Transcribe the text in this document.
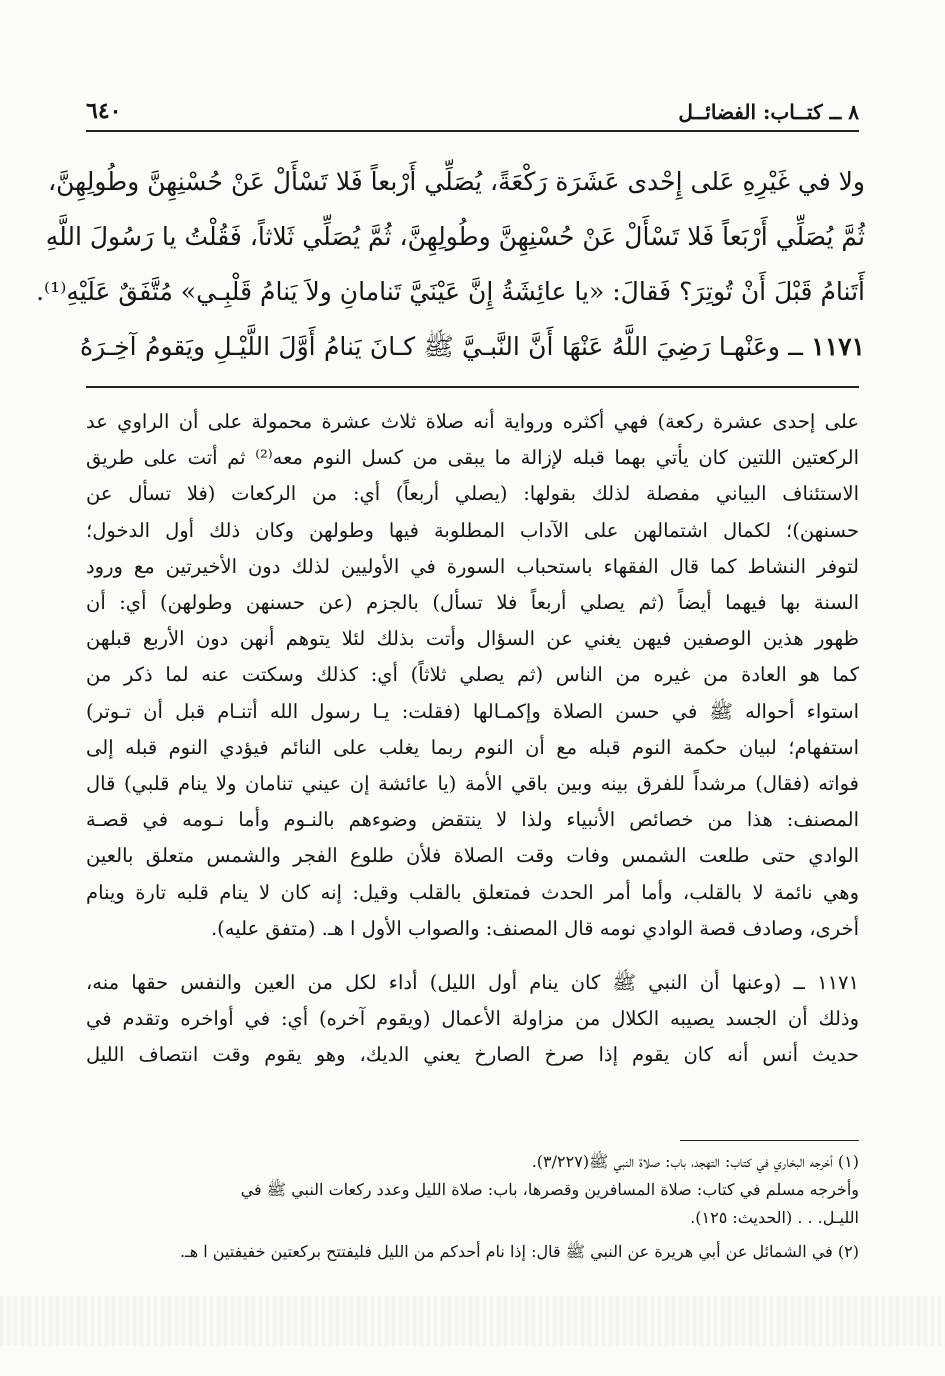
٨ ــ كتــاب: الفضائــل
٦٤٠
ولا في غَيْرِهِ عَلى إِحْدى عَشَرَة رَكْعَةً، يُصَلِّي أَرْبعاً فَلا تَسْأَلْ عَنْ حُسْنِهِنَّ وطُولِهِنَّ،
ثُمَّ يُصَلِّي أَرْبَعاً فَلا تَسْأَلْ عَنْ حُسْنِهِنَّ وطُولِهِنَّ، ثُمَّ يُصَلِّي ثَلاثاً، فَقُلْتُ يا رَسُولَ اللَّهِ
أَتَنامُ قَبْلَ أَنْ تُوتِرَ؟ فَقالَ: «يا عائِشَةُ إِنَّ عَيْنَيَّ تَنامانِ ولاَ يَنامُ قَلْبِـي» مُتَّفَقٌ عَلَيْهِ⁽¹⁾.
١١٧١ ــ وعَنْهـا رَضِيَ اللَّهُ عَنْهَا أَنَّ النَّبـيَّ ﷺ كـانَ يَنامُ أَوَّلَ اللَّيْـلِ ويَقومُ آخِـرَهُ
على إحدى عشرة ركعة) فهي أكثره ورواية أنه صلاة ثلاث عشرة محمولة على أن الراوي عد
الركعتين اللتين كان يأتي بهما قبله لإزالة ما يبقى من كسل النوم معه⁽²⁾ ثم أتت على طريق
الاستئناف البياني مفصلة لذلك بقولها: (يصلي أربعاً) أي: من الركعات (فلا تسأل عن
حسنهن)؛ لكمال اشتمالهن على الآداب المطلوبة فيها وطولهن وكان ذلك أول الدخول؛
لتوفر النشاط كما قال الفقهاء باستحباب السورة في الأوليين لذلك دون الأخيرتين مع ورود
السنة بها فيهما أيضاً (ثم يصلي أربعاً فلا تسأل) بالجزم (عن حسنهن وطولهن) أي: أن
ظهور هذين الوصفين فيهن يغني عن السؤال وأتت بذلك لئلا يتوهم أنهن دون الأربع قبلهن
كما هو العادة من غيره من الناس (ثم يصلي ثلاثاً) أي: كذلك وسكتت عنه لما ذكر من
استواء أحواله ﷺ في حسن الصلاة وإكمـالها (فقلت: يـا رسول الله أتنـام قبل أن تـوتر)
استفهام؛ لبيان حكمة النوم قبله مع أن النوم ربما يغلب على النائم فيؤدي النوم قبله إلى
فواته (فقال) مرشداً للفرق بينه وبين باقي الأمة (يا عائشة إن عيني تنامان ولا ينام قلبي) قال
المصنف: هذا من خصائص الأنبياء ولذا لا ينتقض وضوءهم بالنـوم وأما نـومه في قصـة
الوادي حتى طلعت الشمس وفات وقت الصلاة فلأن طلوع الفجر والشمس متعلق بالعين
وهي نائمة لا بالقلب، وأما أمر الحدث فمتعلق بالقلب وقيل: إنه كان لا ينام قلبه تارة وينام
أخرى، وصادف قصة الوادي نومه قال المصنف: والصواب الأول ا هـ. (متفق عليه).
١١٧١ ــ (وعنها أن النبي ﷺ كان ينام أول الليل) أداء لكل من العين والنفس حقها منه،
وذلك أن الجسد يصيبه الكلال من مزاولة الأعمال (ويقوم آخره) أي: في أواخره وتقدم في
حديث أنس أنه كان يقوم إذا صرخ الصارخ يعني الديك، وهو يقوم وقت انتصاف الليل
(١) أخرجه البخاري في كتاب: التهجد، باب: صلاة النبي ﷺ(٣/٢٢٧).
وأخرجه مسلم في كتاب: صلاة المسافرين وقصرها، باب: صلاة الليل وعدد ركعات النبي ﷺ في
الليـل. . . (الحديث: ١٢٥).
(٢) في الشمائل عن أبي هريرة عن النبي ﷺ قال: إذا نام أحدكم من الليل فليفتتح بركعتين خفيفتين ا هـ.
